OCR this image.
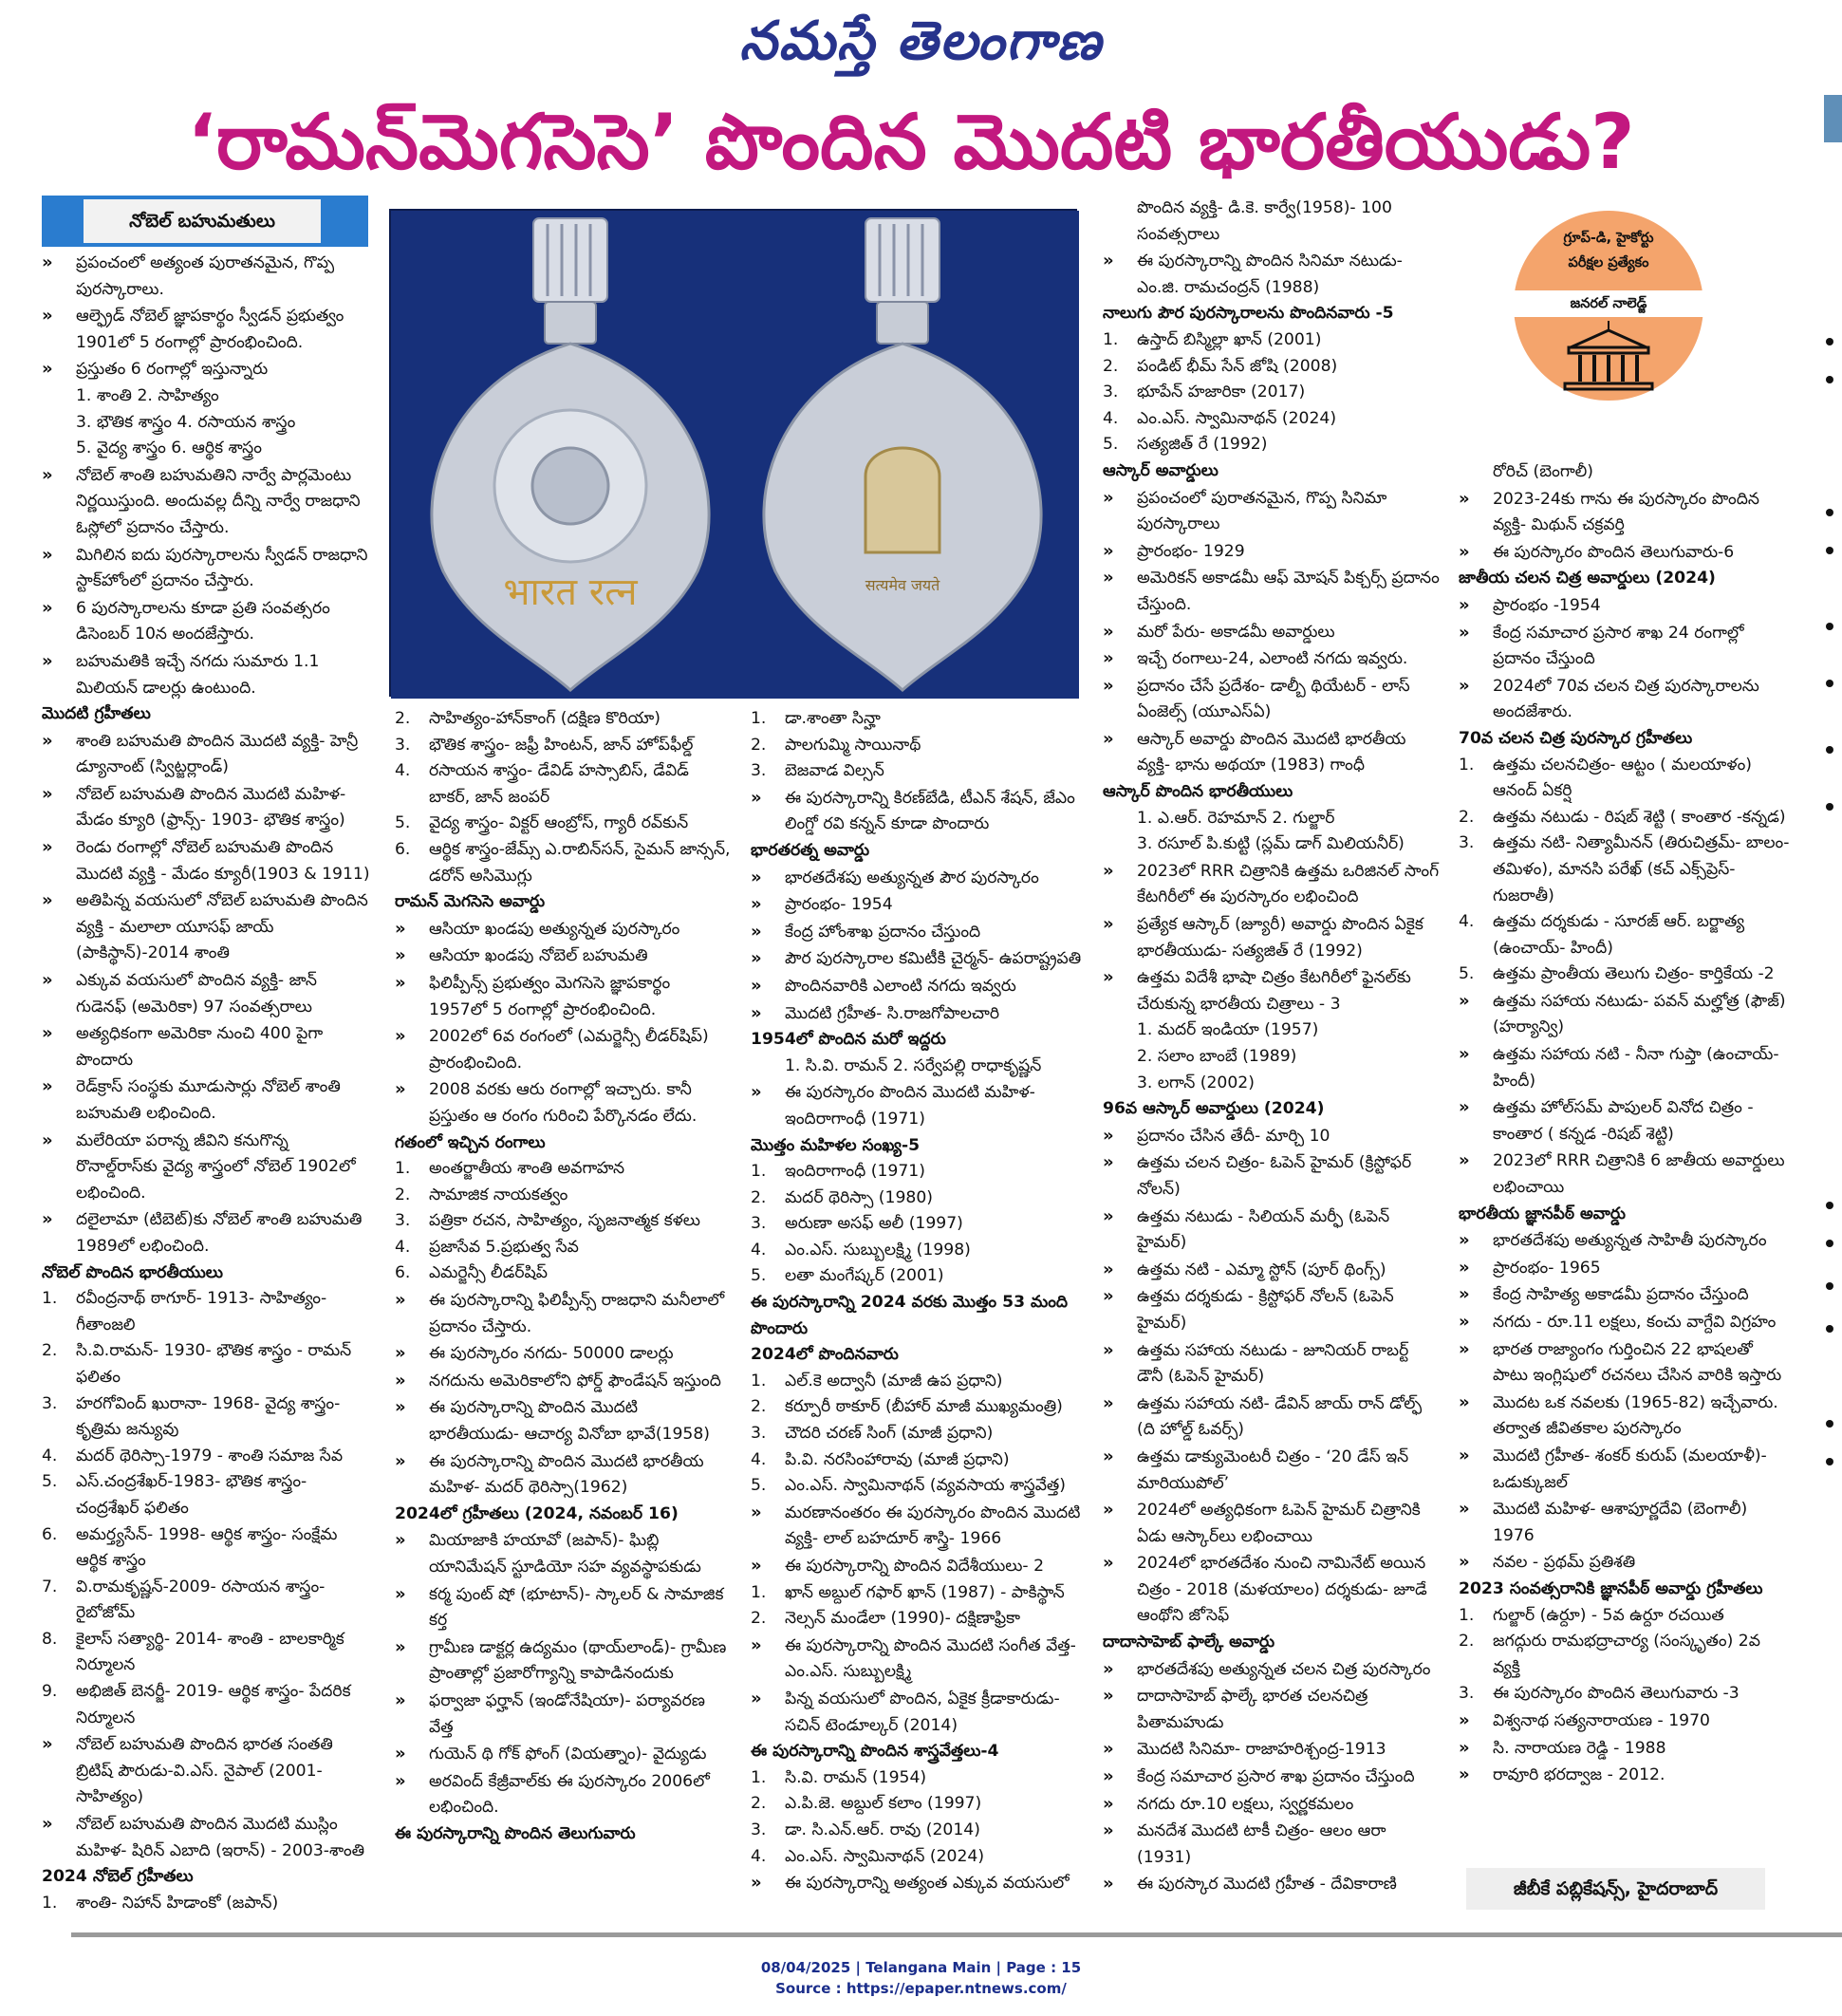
నమస్తే తెలంగాణ
‘రామన్‌మెగసెసె’ పొందిన మొదటి భారతీయుడు?
నోబెల్ బహుమతులు
भारत रत्न	सत्यमेव जयते
గ్రూప్-డి, హైకోర్టు
పరీక్షల ప్రత్యేకం
జనరల్ నాలెడ్జ్

» ప్రపంచంలో అత్యంత పురాతనమైన, గొప్ప పురస్కారాలు.

» ఆల్ఫ్రెడ్ నోబెల్ జ్ఞాపకార్థం స్వీడన్ ప్రభుత్వం 1901లో 5 రంగాల్లో ప్రారంభించింది.

» ప్రస్తుతం 6 రంగాల్లో ఇస్తున్నారు

1. శాంతి 2. సాహిత్యం

3. భౌతిక శాస్త్రం 4. రసాయన శాస్త్రం

5. వైద్య శాస్త్రం 6. ఆర్థిక శాస్త్రం

» నోబెల్ శాంతి బహుమతిని నార్వే పార్లమెంటు నిర్ణయిస్తుంది. అందువల్ల దీన్ని నార్వే రాజధాని ఓస్లోలో ప్రదానం చేస్తారు.

» మిగిలిన ఐదు పురస్కారాలను స్వీడన్ రాజధాని స్టాక్‌హోంలో ప్రదానం చేస్తారు.

» 6 పురస్కారాలను కూడా ప్రతి సంవత్సరం డిసెంబర్ 10న అందజేస్తారు.

» బహుమతికి ఇచ్చే నగదు సుమారు 1.1 మిలియన్ డాలర్లు ఉంటుంది.

మొదటి గ్రహీతలు

» శాంతి బహుమతి పొందిన మొదటి వ్యక్తి- హెన్రీ డ్యూనాంట్ (స్విట్జర్లాండ్)

» నోబెల్ బహుమతి పొందిన మొదటి మహిళ- మేడం క్యూరి (ఫ్రాన్స్- 1903- భౌతిక శాస్త్రం)

» రెండు రంగాల్లో నోబెల్ బహుమతి పొందిన మొదటి వ్యక్తి - మేడం క్యూరీ(1903 & 1911)

» అతిపిన్న వయసులో నోబెల్ బహుమతి పొందిన వ్యక్తి - మలాలా యూసఫ్ జాయ్ (పాకిస్థాన్)-2014 శాంతి

» ఎక్కువ వయసులో పొందిన వ్యక్తి- జాన్ గుడెనఫ్ (అమెరికా) 97 సంవత్సరాలు

» అత్యధికంగా అమెరికా నుంచి 400 పైగా పొందారు

» రెడ్‌క్రాస్ సంస్థకు మూడుసార్లు నోబెల్ శాంతి బహుమతి లభించింది.

» మలేరియా పరాన్న జీవిని కనుగొన్న రొనాల్డ్‌రాస్‌కు వైద్య శాస్త్రంలో నోబెల్ 1902లో లభించింది.

» దలైలామా (టిబెట్)కు నోబెల్ శాంతి బహుమతి 1989లో లభించింది.

నోబెల్ పొందిన భారతీయులు

1. రవీంద్రనాథ్ ఠాగూర్- 1913- సాహిత్యం- గీతాంజలి

2. సి.వి.రామన్- 1930- భౌతిక శాస్త్రం - రామన్ ఫలితం

3. హరగోవింద్ ఖురానా- 1968- వైద్య శాస్త్రం- కృత్రిమ జన్యువు

4. మదర్ థెరిస్సా-1979 - శాంతి సమాజ సేవ

5. ఎస్.చంద్రశేఖర్-1983- భౌతిక శాస్త్రం- చంద్రశేఖర్ ఫలితం

6. అమర్త్యసేన్- 1998- ఆర్థిక శాస్త్రం- సంక్షేమ ఆర్థిక శాస్త్రం

7. వి.రామకృష్ణన్-2009- రసాయన శాస్త్రం- రైబోజోమ్

8. కైలాస్ సత్యార్థి- 2014- శాంతి - బాలకార్మిక నిర్మూలన

9. అభిజిత్ బెనర్జీ- 2019- ఆర్థిక శాస్త్రం- పేదరిక నిర్మూలన

» నోబెల్ బహుమతి పొందిన భారత సంతతి బ్రిటిష్ పౌరుడు-వి.ఎస్. నైపాల్ (2001-సాహిత్యం)

» నోబెల్ బహుమతి పొందిన మొదటి ముస్లిం మహిళ- షిరిన్ ఎబాది (ఇరాన్) - 2003-శాంతి

2024 నోబెల్ గ్రహీతలు

1. శాంతి- నిహాన్ హిడాంకో (జపాన్)

2. సాహిత్యం-హాన్‌కాంగ్ (దక్షిణ కొరియా)

3. భౌతిక శాస్త్రం- జఫ్రీ హింటన్, జాన్ హోప్‌ఫీల్డ్

4. రసాయన శాస్త్రం- డేవిడ్ హస్సాబిస్, డేవిడ్ బాకర్, జాన్ జంపర్

5. వైద్య శాస్త్రం- విక్టర్ ఆంబ్రోస్, గ్యారీ రవ్‌కున్

6. ఆర్థిక శాస్త్రం-జేమ్స్ ఎ.రాబిన్‌సన్, సైమన్ జాన్సన్, డరోన్ అసిమొగ్లు

రామన్ మెగసెసె అవార్డు

» ఆసియా ఖండపు అత్యున్నత పురస్కారం

» ఆసియా ఖండపు నోబెల్ బహుమతి

» ఫిలిప్పీన్స్ ప్రభుత్వం మెగసెసె జ్ఞాపకార్థం 1957లో 5 రంగాల్లో ప్రారంభించింది.

» 2002లో 6వ రంగంలో (ఎమర్జెన్సీ లీడర్‌షిప్) ప్రారంభించింది.

» 2008 వరకు ఆరు రంగాల్లో ఇచ్చారు. కానీ ప్రస్తుతం ఆ రంగం గురించి పేర్కొనడం లేదు.

గతంలో ఇచ్చిన రంగాలు

1. అంతర్జాతీయ శాంతి అవగాహన

2. సామాజిక నాయకత్వం

3. పత్రికా రచన, సాహిత్యం, సృజనాత్మక కళలు

4. ప్రజాసేవ 5.ప్రభుత్వ సేవ

6. ఎమర్జెన్సీ లీడర్‌షిప్

» ఈ పురస్కారాన్ని ఫిలిప్పీన్స్ రాజధాని మనీలాలో ప్రదానం చేస్తారు.

» ఈ పురస్కారం నగదు- 50000 డాలర్లు

» నగదును అమెరికాలోని ఫోర్డ్ ఫౌండేషన్ ఇస్తుంది

» ఈ పురస్కారాన్ని పొందిన మొదటి భారతీయుడు- ఆచార్య వినోబా భావే(1958)

» ఈ పురస్కారాన్ని పొందిన మొదటి భారతీయ మహిళ- మదర్ థెరిస్సా(1962)

2024లో గ్రహీతలు (2024, నవంబర్ 16)

» మియాజాకి హయావో (జపాన్)- ఘిబ్లి యానిమేషన్ స్టూడియో సహ వ్యవస్థాపకుడు

» కర్మ పుంట్ షో (భూటాన్)- స్కాలర్ & సామాజిక కర్త

» గ్రామీణ డాక్టర్ల ఉద్యమం (థాయ్‌లాండ్)- గ్రామీణ ప్రాంతాల్లో ప్రజారోగ్యాన్ని కాపాడినందుకు

» ఫర్వాజా ఫర్హాన్ (ఇండోనేషియా)- పర్యావరణ వేత్త

» గుయెన్ థి గోక్ ఫోంగ్ (వియత్నాం)- వైద్యుడు

» అరవింద్ కేజ్రీవాల్‌కు ఈ పురస్కారం 2006లో లభించింది.

ఈ పురస్కారాన్ని పొందిన తెలుగువారు

1. డా.శాంతా సిన్హా

2. పాలగుమ్మి సాయినాథ్

3. బెజవాడ విల్సన్

» ఈ పురస్కారాన్ని కిరణ్‌బేడి, టీఎన్ శేషన్, జేఎం లింగ్డో రవి కన్నన్ కూడా పొందారు

భారతరత్న అవార్డు

» భారతదేశపు అత్యున్నత పౌర పురస్కారం

» ప్రారంభం- 1954

» కేంద్ర హోంశాఖ ప్రదానం చేస్తుంది

» పౌర పురస్కారాల కమిటీకి చైర్మన్- ఉపరాష్ట్రపతి

» పొందినవారికి ఎలాంటి నగదు ఇవ్వరు

» మొదటి గ్రహీత- సి.రాజగోపాలచారి

1954లో పొందిన మరో ఇద్దరు

1. సి.వి. రామన్ 2. సర్వేపల్లి రాధాకృష్ణన్

» ఈ పురస్కారం పొందిన మొదటి మహిళ- ఇందిరాగాంధీ (1971)

మొత్తం మహిళల సంఖ్య-5

1. ఇందిరాగాంధీ (1971)

2. మదర్ థెరిస్సా (1980)

3. అరుణా అసఫ్ అలీ (1997)

4. ఎం.ఎస్. సుబ్బులక్ష్మి (1998)

5. లతా మంగేష్కర్ (2001)

ఈ పురస్కారాన్ని 2024 వరకు మొత్తం 53 మంది పొందారు

2024లో పొందినవారు

1. ఎల్.కె అద్వానీ (మాజీ ఉప ప్రధాని)

2. కర్పూరీ ఠాకూర్ (బీహార్ మాజీ ముఖ్యమంత్రి)

3. చౌదరి చరణ్ సింగ్ (మాజీ ప్రధాని)

4. పి.వి. నరసింహారావు (మాజీ ప్రధాని)

5. ఎం.ఎస్. స్వామినాథన్ (వ్యవసాయ శాస్త్రవేత్త)

» మరణానంతరం ఈ పురస్కారం పొందిన మొదటి వ్యక్తి- లాల్ బహదూర్ శాస్త్రి- 1966

» ఈ పురస్కారాన్ని పొందిన విదేశీయులు- 2

1. ఖాన్ అబ్దుల్ గఫార్ ఖాన్ (1987) - పాకిస్థాన్

2. నెల్సన్ మండేలా (1990)- దక్షిణాఫ్రికా

» ఈ పురస్కారాన్ని పొందిన మొదటి సంగీత వేత్త- ఎం.ఎస్. సుబ్బులక్ష్మి

» పిన్న వయసులో పొందిన, ఏకైక క్రీడాకారుడు- సచిన్ టెండూల్కర్ (2014)

ఈ పురస్కారాన్ని పొందిన శాస్త్రవేత్తలు-4

1. సి.వి. రామన్ (1954)

2. ఎ.పి.జె. అబ్దుల్ కలాం (1997)

3. డా. సి.ఎన్.ఆర్. రావు (2014)

4. ఎం.ఎస్. స్వామినాథన్ (2024)

» ఈ పురస్కారాన్ని అత్యంత ఎక్కువ వయసులో

పొందిన వ్యక్తి- డి.కె. కార్వే(1958)- 100 సంవత్సరాలు

» ఈ పురస్కారాన్ని పొందిన సినిమా నటుడు- ఎం.జి. రామచంద్రన్ (1988)

నాలుగు పౌర పురస్కారాలను పొందినవారు -5

1. ఉస్తాద్ బిస్మిల్లా ఖాన్ (2001)

2. పండిట్ భీమ్ సేన్ జోషి (2008)

3. భూపేన్ హజారికా (2017)

4. ఎం.ఎస్. స్వామినాథన్ (2024)

5. సత్యజిత్ రే (1992)

ఆస్కార్ అవార్డులు

» ప్రపంచంలో పురాతనమైన, గొప్ప సినిమా పురస్కారాలు

» ప్రారంభం- 1929

» అమెరికన్ అకాడమీ ఆఫ్ మోషన్ పిక్చర్స్ ప్రదానం చేస్తుంది.

» మరో పేరు- అకాడమీ అవార్డులు

» ఇచ్చే రంగాలు-24, ఎలాంటి నగదు ఇవ్వరు.

» ప్రదానం చేసే ప్రదేశం- డాల్బీ థియేటర్ - లాస్ ఏంజెల్స్ (యూఎస్ఏ)

» ఆస్కార్ అవార్డు పొందిన మొదటి భారతీయ వ్యక్తి- భాను అథయా (1983) గాంధీ

ఆస్కార్ పొందిన భారతీయులు

1. ఎ.ఆర్. రెహమాన్ 2. గుల్జార్

3. రసూల్ పి.కుట్టి (స్లమ్ డాగ్ మిలియనీర్)

» 2023లో RRR చిత్రానికి ఉత్తమ ఒరిజినల్ సాంగ్ కేటగిరీలో ఈ పురస్కారం లభించింది

» ప్రత్యేక ఆస్కార్ (జ్యూరీ) అవార్డు పొందిన ఏకైక భారతీయుడు- సత్యజిత్ రే (1992)

» ఉత్తమ విదేశీ భాషా చిత్రం కేటగిరీలో ఫైనల్‌కు చేరుకున్న భారతీయ చిత్రాలు - 3

1. మదర్ ఇండియా (1957)

2. సలాం బాంబే (1989)

3. లగాన్ (2002)

96వ ఆస్కార్ అవార్డులు (2024)

» ప్రదానం చేసిన తేదీ- మార్చి 10

» ఉత్తమ చలన చిత్రం- ఓపెన్ హైమర్ (క్రిస్టోఫర్ నోలన్)

» ఉత్తమ నటుడు - సిలియన్ మర్ఫీ (ఓపెన్ హైమర్)

» ఉత్తమ నటి - ఎమ్మా స్టోన్ (పూర్ థింగ్స్)

» ఉత్తమ దర్శకుడు - క్రిస్టోఫర్ నోలన్ (ఓపెన్ హైమర్)

» ఉత్తమ సహాయ నటుడు - జూనియర్ రాబర్ట్ డౌనీ (ఓపెన్ హైమర్)

» ఉత్తమ సహాయ నటి- డేవిన్ జాయ్ రాన్ డోల్ఫ్ (ది హోల్డ్ ఓవర్స్)

» ఉత్తమ డాక్యుమెంటరీ చిత్రం - ‘20 డేస్ ఇన్ మారియుపోల్’

» 2024లో అత్యధికంగా ఓపెన్ హైమర్ చిత్రానికి ఏడు ఆస్కార్‌లు లభించాయి

» 2024లో భారతదేశం నుంచి నామినేట్ అయిన చిత్రం - 2018 (మళయాలం) దర్శకుడు- జూడే ఆంథోని జోసెఫ్

దాదాసాహెబ్ ఫాల్కే అవార్డు

» భారతదేశపు అత్యున్నత చలన చిత్ర పురస్కారం

» దాదాసాహెబ్ ఫాల్కే భారత చలనచిత్ర పితామహుడు

» మొదటి సినిమా- రాజాహరిశ్చంద్ర-1913

» కేంద్ర సమాచార ప్రసార శాఖ ప్రదానం చేస్తుంది

» నగదు రూ.10 లక్షలు, స్వర్ణకమలం

» మనదేశ మొదటి టాకీ చిత్రం- ఆలం ఆరా (1931)

» ఈ పురస్కార మొదటి గ్రహీత - దేవికారాణి

రోరిచ్ (బెంగాలీ)

» 2023-24కు గాను ఈ పురస్కారం పొందిన వ్యక్తి- మిథున్ చక్రవర్తి

» ఈ పురస్కారం పొందిన తెలుగువారు-6

జాతీయ చలన చిత్ర అవార్డులు (2024)

» ప్రారంభం -1954

» కేంద్ర సమాచార ప్రసార శాఖ 24 రంగాల్లో ప్రదానం చేస్తుంది

» 2024లో 70వ చలన చిత్ర పురస్కారాలను అందజేశారు.

70వ చలన చిత్ర పురస్కార గ్రహీతలు

1. ఉత్తమ చలనచిత్రం- ఆట్టం ( మలయాళం) ఆనంద్ ఏకర్షి

2. ఉత్తమ నటుడు - రిషబ్ శెట్టి ( కాంతార -కన్నడ)

3. ఉత్తమ నటి- నిత్యామీనన్ (తిరుచిత్రమ్- బాలం- తమిళం), మానసి పరేఖ్ (కచ్ ఎక్స్‌ప్రెస్- గుజరాతీ)

4. ఉత్తమ దర్శకుడు - సూరజ్ ఆర్. బర్జాత్య (ఉంచాయ్- హిందీ)

5. ఉత్తమ ప్రాంతీయ తెలుగు చిత్రం- కార్తికేయ -2

» ఉత్తమ సహాయ నటుడు- పవన్ మల్హోత్ర (ఫౌజ్) (హర్యాన్వి)

» ఉత్తమ సహాయ నటి - నీనా గుప్తా (ఉంచాయ్-హిందీ)

» ఉత్తమ హోల్‌సమ్ పాపులర్ వినోద చిత్రం - కాంతార ( కన్నడ -రిషబ్ శెట్టి)

» 2023లో RRR చిత్రానికి 6 జాతీయ అవార్డులు లభించాయి

భారతీయ జ్ఞానపీఠ్ అవార్డు

» భారతదేశపు అత్యున్నత సాహితీ పురస్కారం

» ప్రారంభం- 1965

» కేంద్ర సాహిత్య అకాడమీ ప్రదానం చేస్తుంది

» నగదు - రూ.11 లక్షలు, కంచు వాగ్దేవి విగ్రహం

» భారత రాజ్యాంగం గుర్తించిన 22 భాషలతో పాటు ఇంగ్లిషులో రచనలు చేసిన వారికి ఇస్తారు

» మొదట ఒక నవలకు (1965-82) ఇచ్చేవారు. తర్వాత జీవితకాల పురస్కారం

» మొదటి గ్రహీత- శంకర్ కురుప్ (మలయాళీ)- ఒడుక్కుజల్

» మొదటి మహిళ- ఆశాపూర్ణదేవి (బెంగాలీ) 1976

» నవల - ప్రథమ్ ప్రతిశతి

2023 సంవత్సరానికి జ్ఞానపీఠ్ అవార్డు గ్రహీతలు

1. గుల్జార్ (ఉర్దూ) - 5వ ఉర్దూ రచయిత

2. జగద్గురు రామభద్రాచార్య (సంస్కృతం) 2వ వ్యక్తి

3. ఈ పురస్కారం పొందిన తెలుగువారు -3

» విశ్వనాథ సత్యనారాయణ - 1970

» సి. నారాయణ రెడ్డి - 1988

» రావూరి భరద్వాజ - 2012.

జీబీకే పబ్లికేషన్స్, హైదరాబాద్
08/04/2025 | Telangana Main | Page : 15
Source : https://epaper.ntnews.com/
